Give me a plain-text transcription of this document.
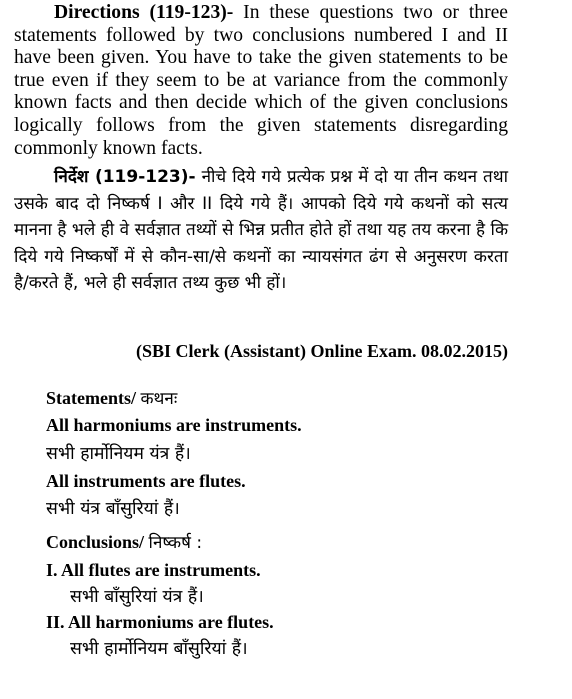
Directions (119-123)- In these questions two or three statements followed by two conclusions numbered I and II have been given. You have to take the given statements to be true even if they seem to be at variance from the commonly known facts and then decide which of the given conclusions logically follows from the given statements disregarding commonly known facts.

निर्देश (119-123)- नीचे दिये गये प्रत्येक प्रश्न में दो या तीन कथन तथा उसके बाद दो निष्कर्ष I और II दिये गये हैं। आपको दिये गये कथनों को सत्य मानना है भले ही वे सर्वज्ञात तथ्यों से भिन्न प्रतीत होते हों तथा यह तय करना है कि दिये गये निष्कर्षों में से कौन-सा/से कथनों का न्यायसंगत ढंग से अनुसरण करता है/करते हैं, भले ही सर्वज्ञात तथ्य कुछ भी हों।

(SBI Clerk (Assistant) Online Exam. 08.02.2015)

Statements/ कथनः

All harmoniums are instruments.

सभी हार्मोनियम यंत्र हैं।

All instruments are flutes.

सभी यंत्र बाँसुरियां हैं।

Conclusions/ निष्कर्ष :

I. All flutes are instruments.

सभी बाँसुरियां यंत्र हैं।

II. All harmoniums are flutes.

सभी हार्मोनियम बाँसुरियां हैं।
